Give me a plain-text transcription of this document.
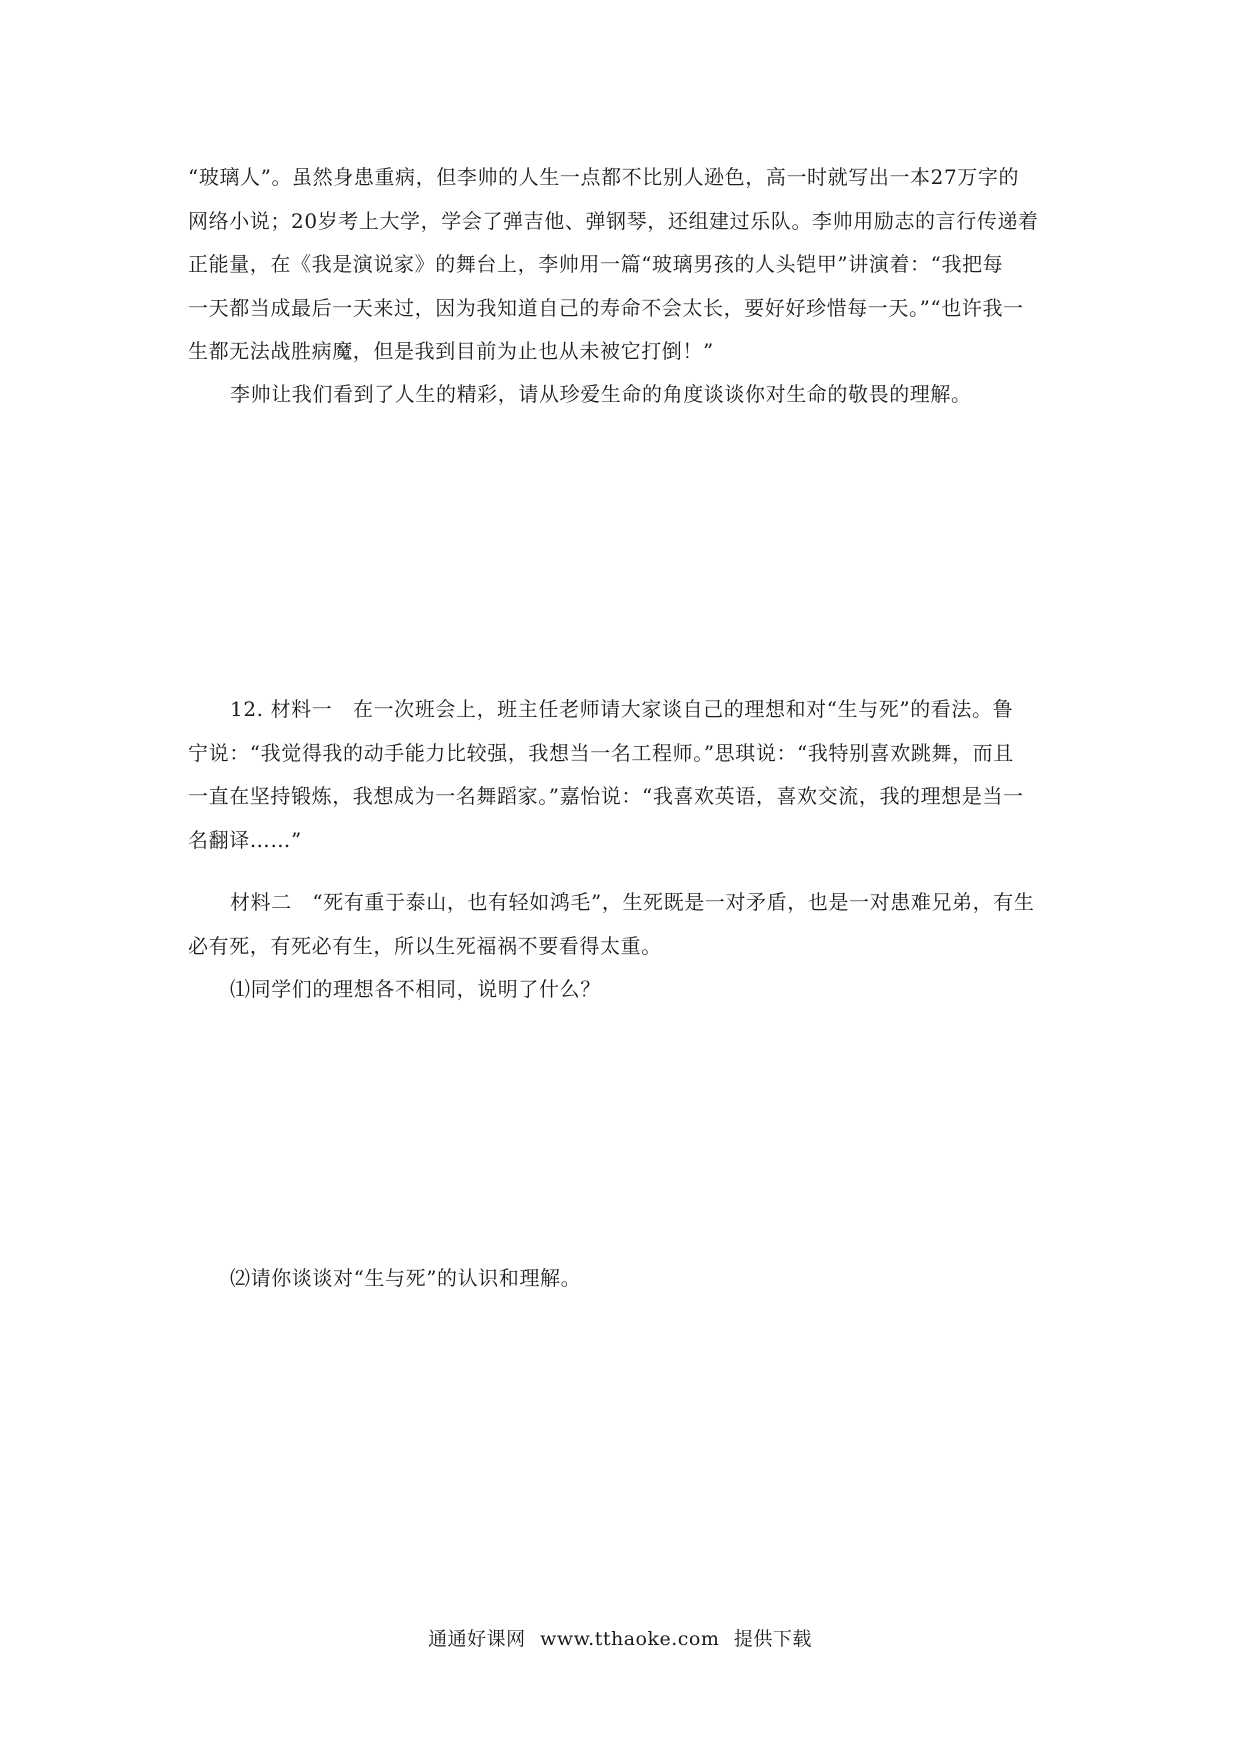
“玻璃人”。虽然身患重病，但李帅的人生一点都不比别人逊色，高一时就写出一本27万字的

网络小说；20岁考上大学，学会了弹吉他、弹钢琴，还组建过乐队。李帅用励志的言行传递着

正能量，在《我是演说家》的舞台上，李帅用一篇“玻璃男孩的人头铠甲”讲演着：“我把每

一天都当成最后一天来过，因为我知道自己的寿命不会太长，要好好珍惜每一天。”“也许我一

生都无法战胜病魔，但是我到目前为止也从未被它打倒！”

李帅让我们看到了人生的精彩，请从珍爱生命的角度谈谈你对生命的敬畏的理解。

12. 材料一　在一次班会上，班主任老师请大家谈自己的理想和对“生与死”的看法。鲁

宁说：“我觉得我的动手能力比较强，我想当一名工程师。”思琪说：“我特别喜欢跳舞，而且

一直在坚持锻炼，我想成为一名舞蹈家。”嘉怡说：“我喜欢英语，喜欢交流，我的理想是当一

名翻译……”

材料二　“死有重于泰山，也有轻如鸿毛”，生死既是一对矛盾，也是一对患难兄弟，有生

必有死，有死必有生，所以生死福祸不要看得太重。

⑴同学们的理想各不相同，说明了什么？

⑵请你谈谈对“生与死”的认识和理解。

通通好课网 www.tthaoke.com 提供下载
